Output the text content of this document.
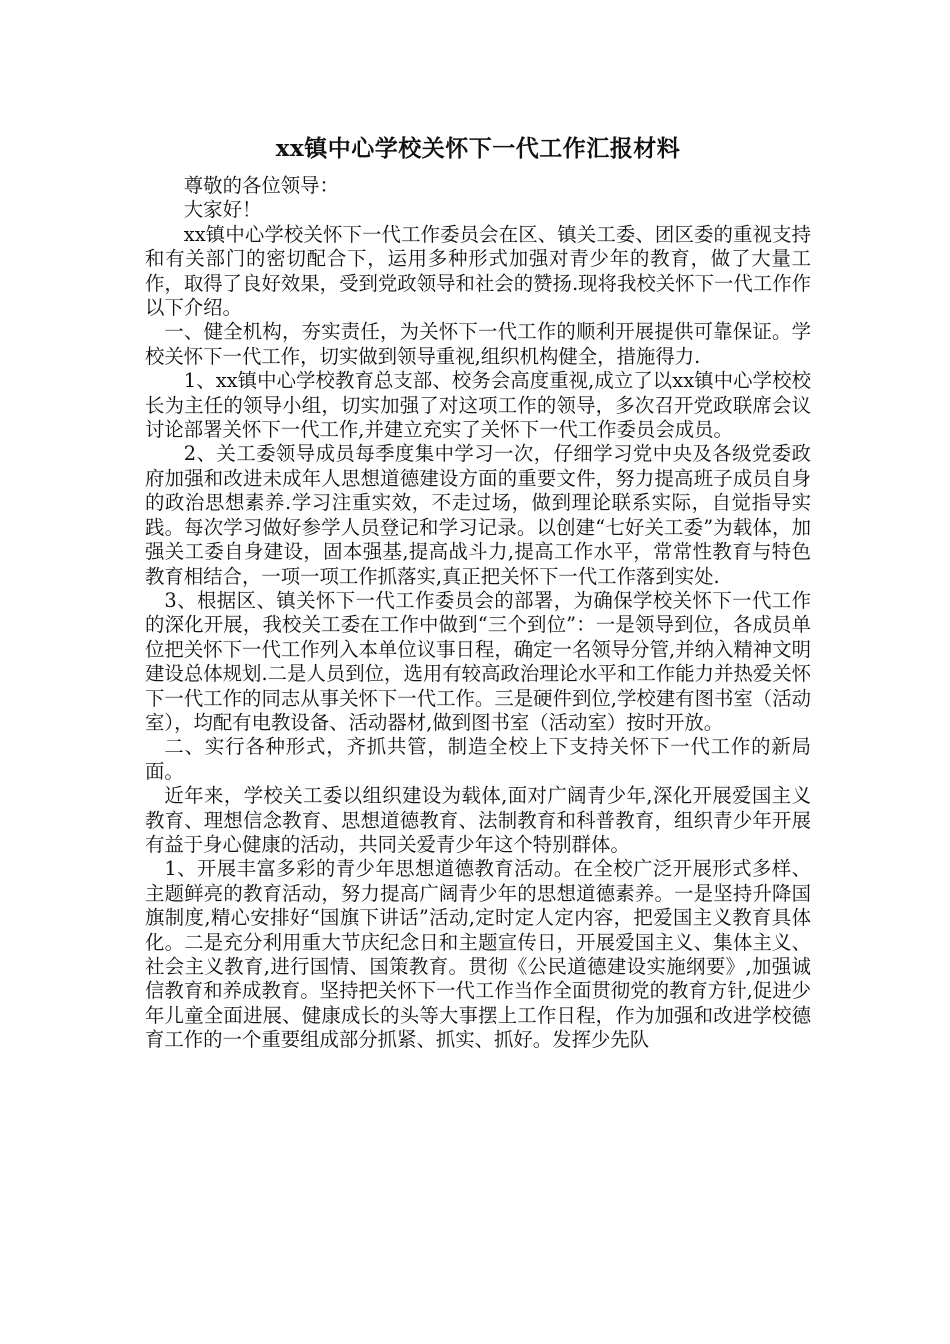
xx镇中心学校关怀下一代工作汇报材料

尊敬的各位领导：

大家好！

xx镇中心学校关怀下一代工作委员会在区、镇关工委、团区委的重视支持和有关部门的密切配合下，运用多种形式加强对青少年的教育，做了大量工作，取得了良好效果，受到党政领导和社会的赞扬.现将我校关怀下一代工作作以下介绍。

一、健全机构，夯实责任，为关怀下一代工作的顺利开展提供可靠保证。学校关怀下一代工作，切实做到领导重视,组织机构健全，措施得力.

1、xx镇中心学校教育总支部、校务会高度重视,成立了以xx镇中心学校校长为主任的领导小组，切实加强了对这项工作的领导，多次召开党政联席会议讨论部署关怀下一代工作,并建立充实了关怀下一代工作委员会成员。

2、关工委领导成员每季度集中学习一次，仔细学习党中央及各级党委政府加强和改进未成年人思想道德建设方面的重要文件，努力提高班子成员自身的政治思想素养.学习注重实效，不走过场，做到理论联系实际，自觉指导实践。每次学习做好参学人员登记和学习记录。以创建“七好关工委”为载体，加强关工委自身建设，固本强基,提高战斗力,提高工作水平，常常性教育与特色教育相结合，一项一项工作抓落实,真正把关怀下一代工作落到实处.

3、根据区、镇关怀下一代工作委员会的部署，为确保学校关怀下一代工作的深化开展，我校关工委在工作中做到“三个到位”：一是领导到位，各成员单位把关怀下一代工作列入本单位议事日程，确定一名领导分管,并纳入精神文明建设总体规划.二是人员到位，选用有较高政治理论水平和工作能力并热爱关怀下一代工作的同志从事关怀下一代工作。三是硬件到位,学校建有图书室（活动室），均配有电教设备、活动器材,做到图书室（活动室）按时开放。

二、实行各种形式，齐抓共管，制造全校上下支持关怀下一代工作的新局面。

近年来，学校关工委以组织建设为载体,面对广阔青少年,深化开展爱国主义教育、理想信念教育、思想道德教育、法制教育和科普教育，组织青少年开展有益于身心健康的活动，共同关爱青少年这个特别群体。

1、开展丰富多彩的青少年思想道德教育活动。在全校广泛开展形式多样、主题鲜亮的教育活动，努力提高广阔青少年的思想道德素养。一是坚持升降国旗制度,精心安排好“国旗下讲话”活动,定时定人定内容，把爱国主义教育具体化。二是充分利用重大节庆纪念日和主题宣传日，开展爱国主义、集体主义、社会主义教育,进行国情、国策教育。贯彻《公民道德建设实施纲要》,加强诚信教育和养成教育。坚持把关怀下一代工作当作全面贯彻党的教育方针,促进少年儿童全面进展、健康成长的头等大事摆上工作日程，作为加强和改进学校德育工作的一个重要组成部分抓紧、抓实、抓好。发挥少先队
